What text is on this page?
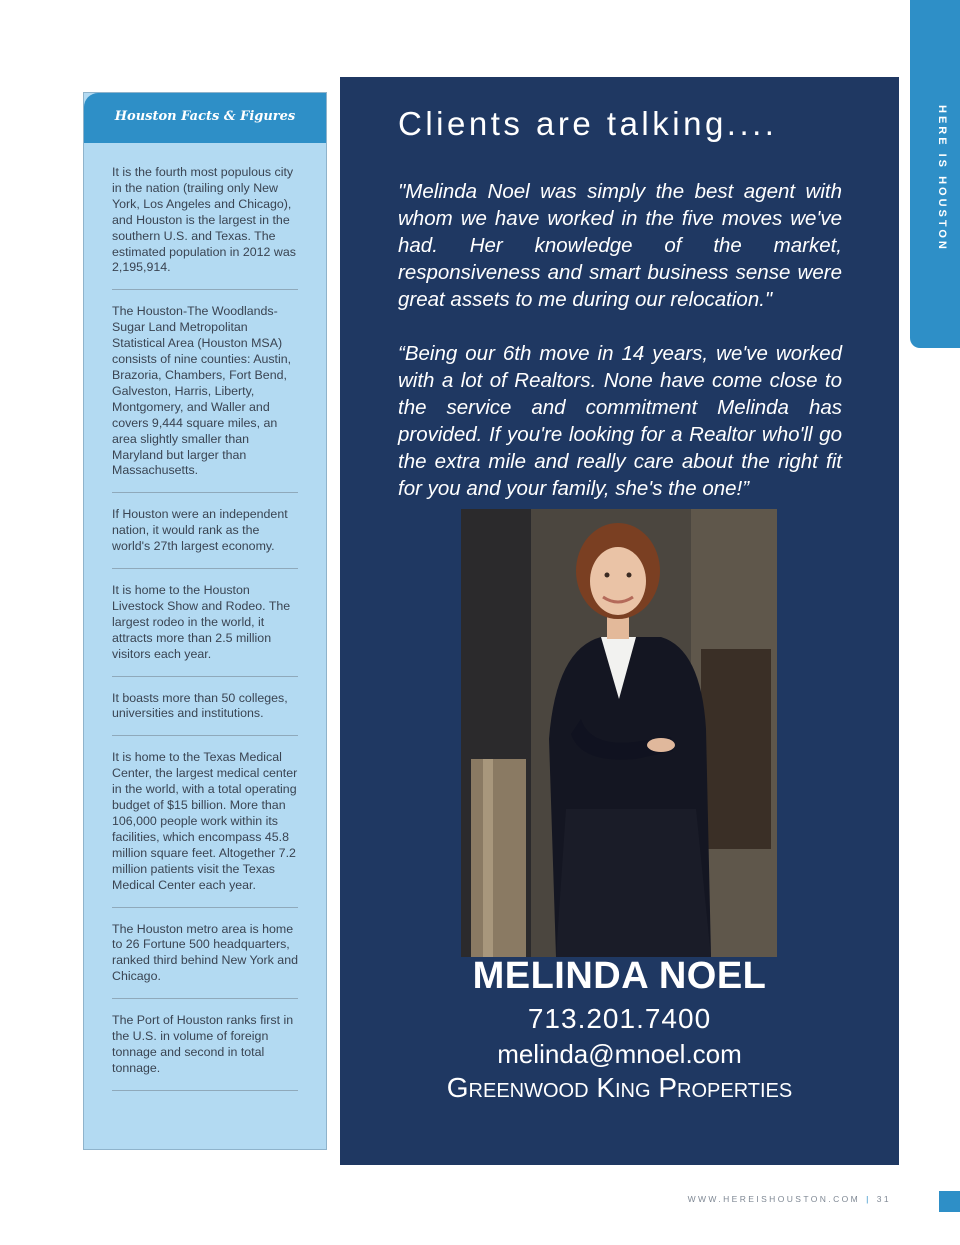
HERE IS HOUSTON
Houston Facts & Figures
It is the fourth most populous city in the nation (trailing only New York, Los Angeles and Chicago), and Houston is the largest in the southern U.S. and Texas. The estimated population in 2012 was 2,195,914.
The Houston-The Woodlands-Sugar Land Metropolitan Statistical Area (Houston MSA) consists of nine counties: Austin, Brazoria, Chambers, Fort Bend, Galveston, Harris, Liberty, Montgomery, and Waller and covers 9,444 square miles, an area slightly smaller than Maryland but larger than Massachusetts.
If Houston were an independent nation, it would rank as the world's 27th largest economy.
It is home to the Houston Livestock Show and Rodeo. The largest rodeo in the world, it attracts more than 2.5 million visitors each year.
It boasts more than 50 colleges, universities and institutions.
It is home to the Texas Medical Center, the largest medical center in the world, with a total operating budget of $15 billion. More than 106,000 people work within its facilities, which encompass 45.8 million square feet. Altogether 7.2 million patients visit the Texas Medical Center each year.
The Houston metro area is home to 26 Fortune 500 headquarters, ranked third behind New York and Chicago.
The Port of Houston ranks first in the U.S. in volume of foreign tonnage and second in total tonnage.
Clients are talking....
"Melinda Noel was simply the best agent with whom we have worked in the five moves we've had. Her knowledge of the market, responsiveness and smart business sense were great assets to me during our relocation."
“Being our 6th move in 14 years, we've worked with a lot of Realtors. None have come close to the service and commitment Melinda has provided. If you're looking for a Realtor who'll go the extra mile and really care about the right fit for you and your family, she's the one!”
MELINDA NOEL
713.201.7400
melinda@mnoel.com
Greenwood King Properties
WWW.HEREISHOUSTON.COM | 31
